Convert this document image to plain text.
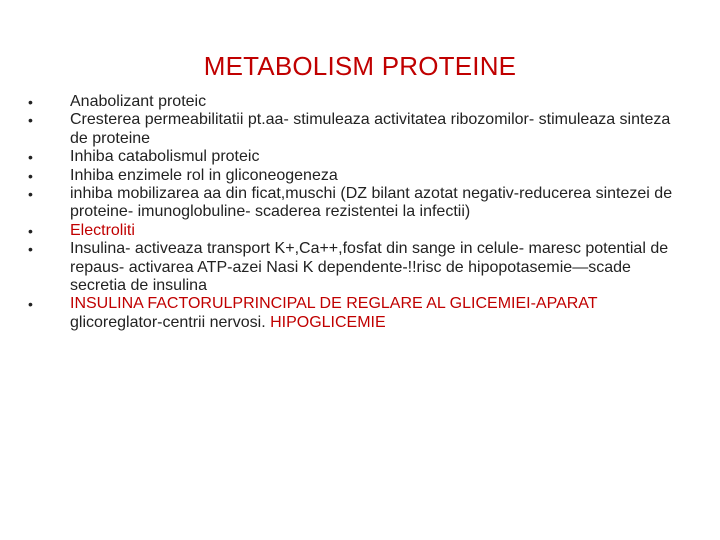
METABOLISM PROTEINE
•	Anabolizant proteic
•	Cresterea permeabilitatii pt.aa- stimuleaza activitatea ribozomilor- stimuleaza sinteza de proteine
•	Inhiba catabolismul proteic
•	Inhiba enzimele rol in gliconeogeneza
•	inhiba mobilizarea aa din ficat,muschi (DZ bilant azotat negativ-reducerea sintezei de proteine- imunoglobuline- scaderea rezistentei la infectii)
•	Electroliti
•	Insulina- activeaza transport K+,Ca++,fosfat din sange in celule- maresc potential de repaus- activarea ATP-azei Nasi K dependente-!!risc de hipopotasemie—scade secretia de insulina
•	INSULINA FACTORULPRINCIPAL DE REGLARE AL GLICEMIEI-APARAT glicoreglator-centrii nervosi. HIPOGLICEMIE
